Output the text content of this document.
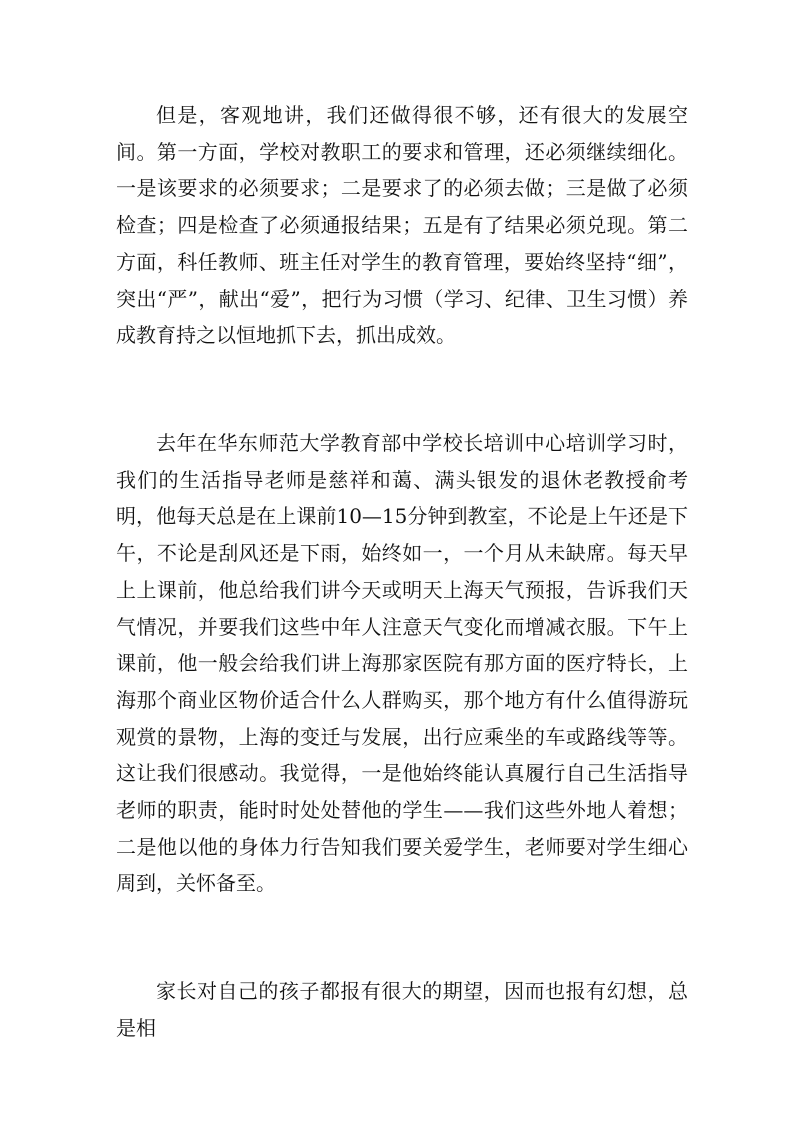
但是，客观地讲，我们还做得很不够，还有很大的发展空间。第一方面，学校对教职工的要求和管理，还必须继续细化。一是该要求的必须要求；二是要求了的必须去做；三是做了必须检查；四是检查了必须通报结果；五是有了结果必须兑现。第二方面，科任教师、班主任对学生的教育管理，要始终坚持“细”，突出“严”，献出“爱”，把行为习惯（学习、纪律、卫生习惯）养成教育持之以恒地抓下去，抓出成效。

去年在华东师范大学教育部中学校长培训中心培训学习时，我们的生活指导老师是慈祥和蔼、满头银发的退休老教授俞考明，他每天总是在上课前10—15分钟到教室，不论是上午还是下午，不论是刮风还是下雨，始终如一，一个月从未缺席。每天早上上课前，他总给我们讲今天或明天上海天气预报，告诉我们天气情况，并要我们这些中年人注意天气变化而增减衣服。下午上课前，他一般会给我们讲上海那家医院有那方面的医疗特长，上海那个商业区物价适合什么人群购买，那个地方有什么值得游玩观赏的景物，上海的变迁与发展，出行应乘坐的车或路线等等。这让我们很感动。我觉得，一是他始终能认真履行自己生活指导老师的职责，能时时处处替他的学生——我们这些外地人着想；二是他以他的身体力行告知我们要关爱学生，老师要对学生细心周到，关怀备至。

家长对自己的孩子都报有很大的期望，因而也报有幻想，总是相
